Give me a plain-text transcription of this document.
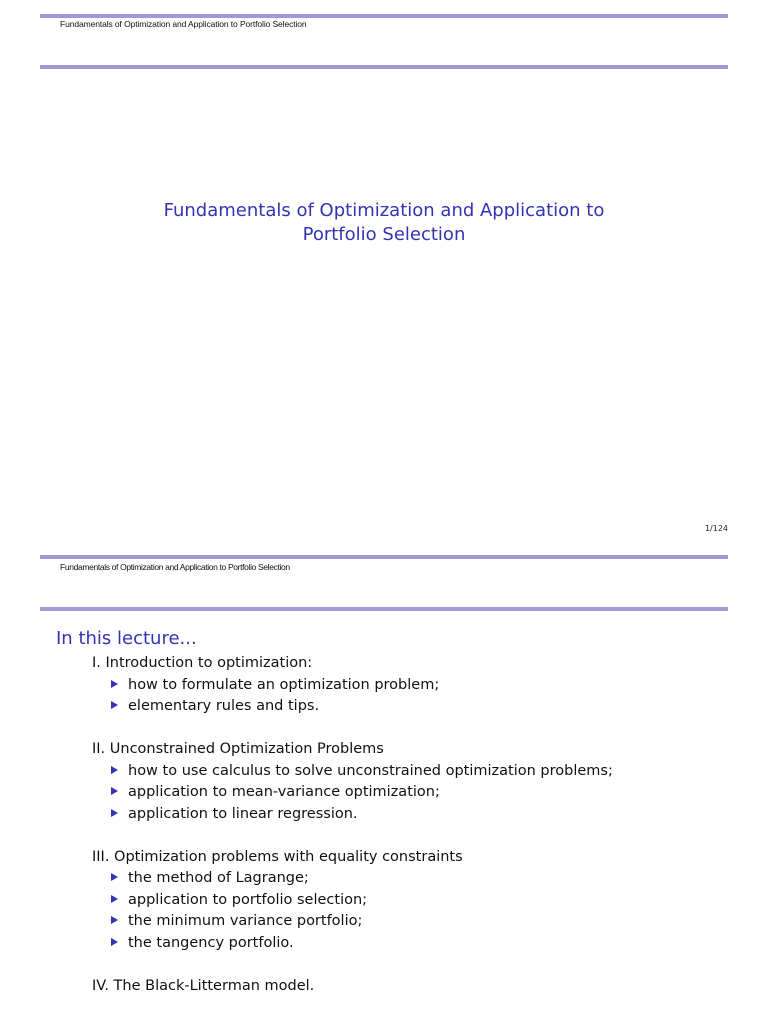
Fundamentals of Optimization and Application to Portfolio Selection
Fundamentals of Optimization and Application to
Portfolio Selection
1/124
Fundamentals of Optimization and Application to Portfolio Selection
In this lecture...
I. Introduction to optimization:
how to formulate an optimization problem;
elementary rules and tips.
II. Unconstrained Optimization Problems
how to use calculus to solve unconstrained optimization problems;
application to mean-variance optimization;
application to linear regression.
III. Optimization problems with equality constraints
the method of Lagrange;
application to portfolio selection;
the minimum variance portfolio;
the tangency portfolio.
IV. The Black-Litterman model.
